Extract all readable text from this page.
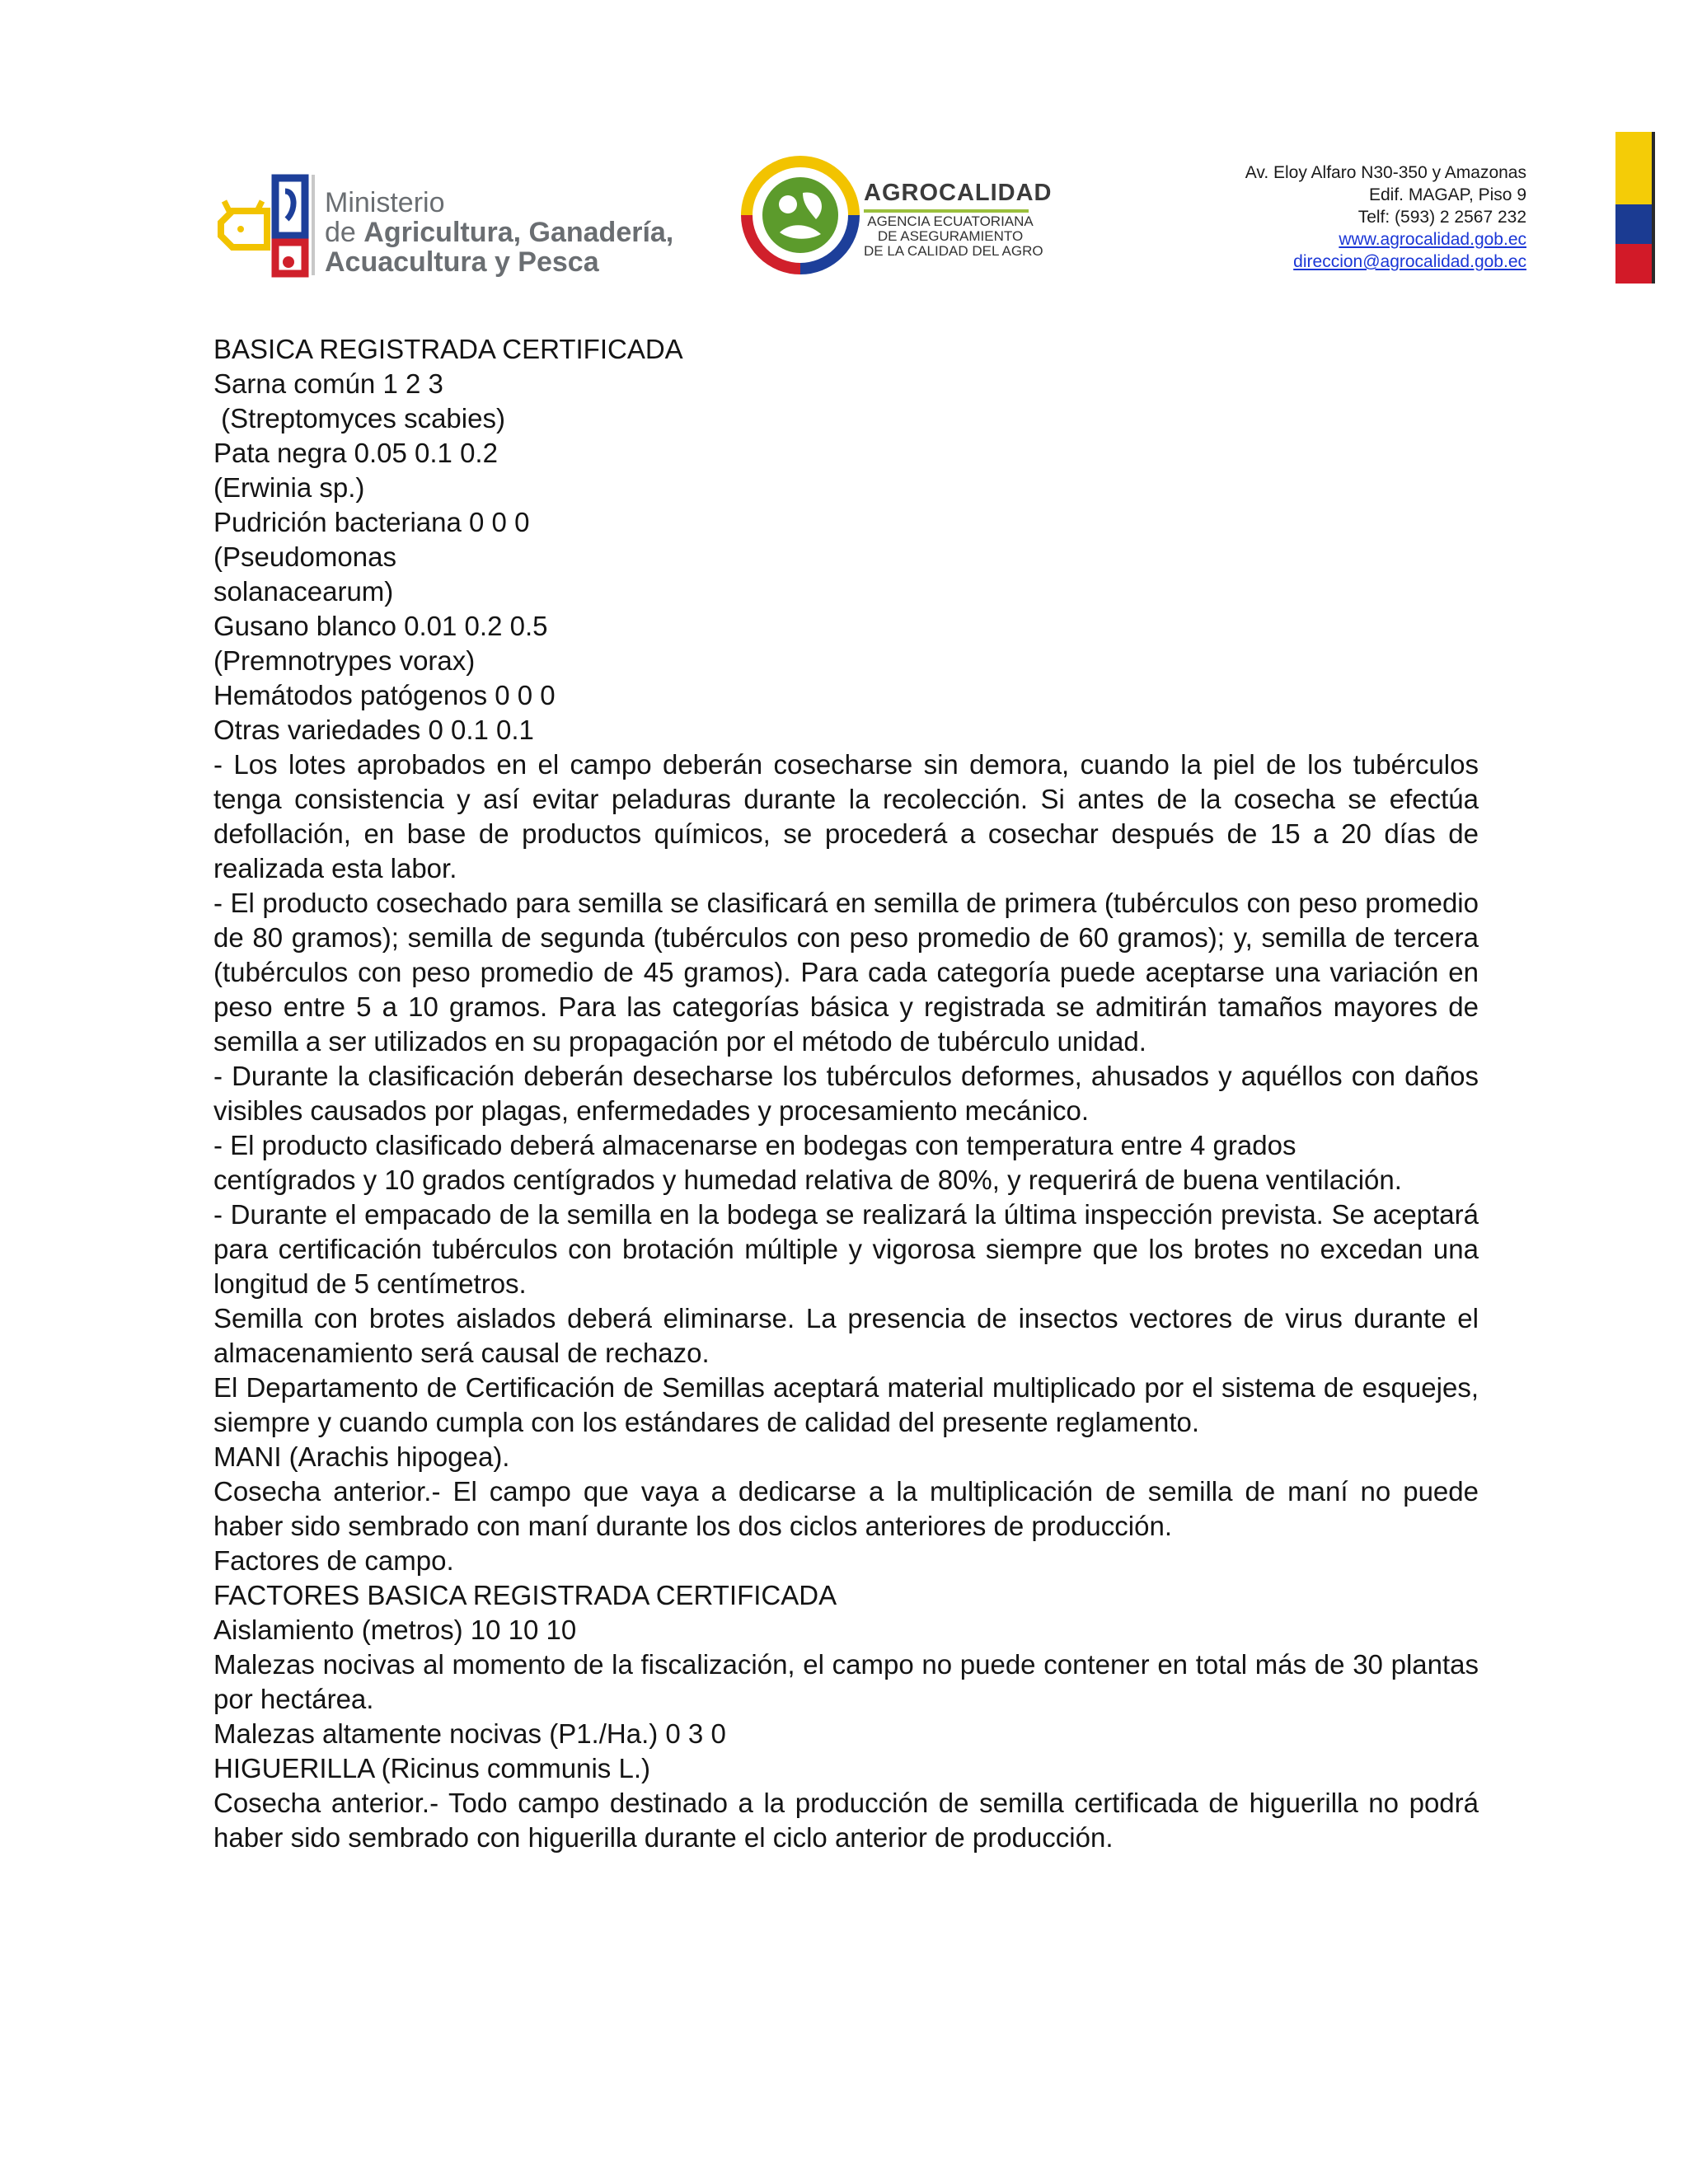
Ministerio
de Agricultura, Ganadería,
Acuacultura y Pesca
AGROCALIDAD
AGENCIA ECUATORIANA
DE ASEGURAMIENTO
DE LA CALIDAD DEL AGRO
Av. Eloy Alfaro N30-350 y Amazonas
Edif. MAGAP, Piso 9
Telf: (593) 2 2567 232
www.agrocalidad.gob.ec
direccion@agrocalidad.gob.ec
BASICA REGISTRADA CERTIFICADA
Sarna común 1 2 3
(Streptomyces scabies)
Pata negra 0.05 0.1 0.2
(Erwinia sp.)
Pudrición bacteriana 0 0 0
(Pseudomonas
solanacearum)
Gusano blanco 0.01 0.2 0.5
(Premnotrypes vorax)
Hemátodos patógenos 0 0 0
Otras variedades 0 0.1 0.1
- Los lotes aprobados en el campo deberán cosecharse sin demora, cuando la piel de los tubérculos tenga consistencia y así evitar peladuras durante la recolección. Si antes de la cosecha se efectúa defollación, en base de productos químicos, se procederá a cosechar después de 15 a 20 días de realizada esta labor.
- El producto cosechado para semilla se clasificará en semilla de primera (tubérculos con peso promedio de 80 gramos); semilla de segunda (tubérculos con peso promedio de 60 gramos); y, semilla de tercera (tubérculos con peso promedio de 45 gramos). Para cada categoría puede aceptarse una variación en peso entre 5 a 10 gramos. Para las categorías básica y registrada se admitirán tamaños mayores de semilla a ser utilizados en su propagación por el método de tubérculo unidad.
- Durante la clasificación deberán desecharse los tubérculos deformes, ahusados y aquéllos con daños visibles causados por plagas, enfermedades y procesamiento mecánico.
- El producto clasificado deberá almacenarse en bodegas con temperatura entre 4 grados
centígrados y 10 grados centígrados y humedad relativa de 80%, y requerirá de buena ventilación.
- Durante el empacado de la semilla en la bodega se realizará la última inspección prevista. Se aceptará para certificación tubérculos con brotación múltiple y vigorosa siempre que los brotes no excedan una longitud de 5 centímetros.
Semilla con brotes aislados deberá eliminarse. La presencia de insectos vectores de virus durante el almacenamiento será causal de rechazo.
El Departamento de Certificación de Semillas aceptará material multiplicado por el sistema de esquejes, siempre y cuando cumpla con los estándares de calidad del presente reglamento.
MANI (Arachis hipogea).
Cosecha anterior.- El campo que vaya a dedicarse a la multiplicación de semilla de maní no puede haber sido sembrado con maní durante los dos ciclos anteriores de producción.
Factores de campo.
FACTORES BASICA REGISTRADA CERTIFICADA
Aislamiento (metros) 10 10 10
Malezas nocivas al momento de la fiscalización, el campo no puede contener en total más de 30 plantas por hectárea.
Malezas altamente nocivas (P1./Ha.) 0 3 0
HIGUERILLA (Ricinus communis L.)
Cosecha anterior.- Todo campo destinado a la producción de semilla certificada de higuerilla no podrá haber sido sembrado con higuerilla durante el ciclo anterior de producción.
